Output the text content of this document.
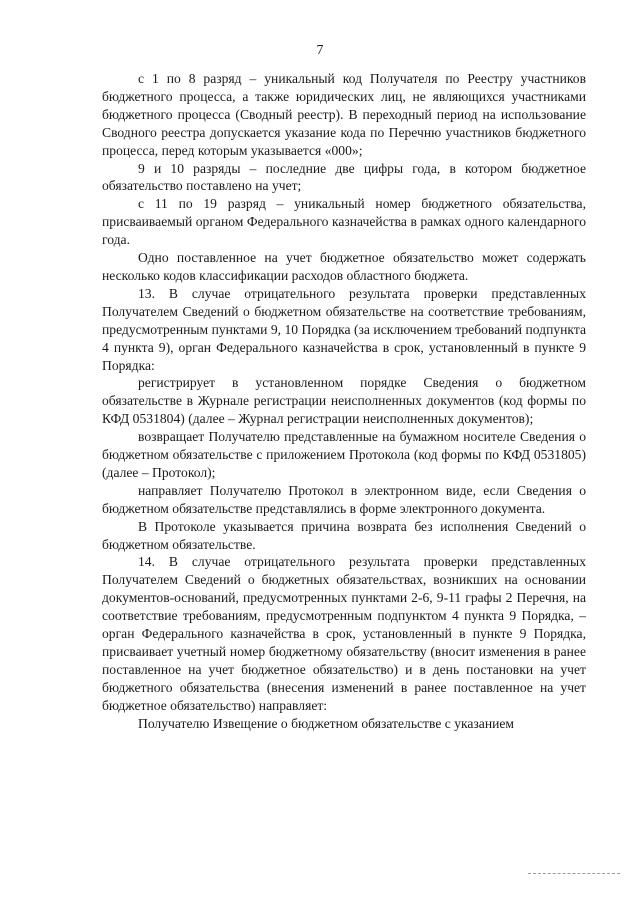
7

с 1 по 8 разряд – уникальный код Получателя по Реестру участников бюджетного процесса, а также юридических лиц, не являющихся участниками бюджетного процесса (Сводный реестр). В переходный период на использование Сводного реестра допускается указание кода по Перечню участников бюджетного процесса, перед которым указывается «000»;

9 и 10 разряды – последние две цифры года, в котором бюджетное обязательство поставлено на учет;

с 11 по 19 разряд – уникальный номер бюджетного обязательства, присваиваемый органом Федерального казначейства в рамках одного календарного года.

Одно поставленное на учет бюджетное обязательство может содержать несколько кодов классификации расходов областного бюджета.

13. В случае отрицательного результата проверки представленных Получателем Сведений о бюджетном обязательстве на соответствие требованиям, предусмотренным пунктами 9, 10 Порядка (за исключением требований подпункта 4 пункта 9), орган Федерального казначейства в срок, установленный в пункте 9 Порядка:

регистрирует в установленном порядке Сведения о бюджетном обязательстве в Журнале регистрации неисполненных документов (код формы по КФД 0531804) (далее – Журнал регистрации неисполненных документов);

возвращает Получателю представленные на бумажном носителе Сведения о бюджетном обязательстве с приложением Протокола (код формы по КФД 0531805) (далее – Протокол);

направляет Получателю Протокол в электронном виде, если Сведения о бюджетном обязательстве представлялись в форме электронного документа.

В Протоколе указывается причина возврата без исполнения Сведений о бюджетном обязательстве.

14. В случае отрицательного результата проверки представленных Получателем Сведений о бюджетных обязательствах, возникших на основании документов-оснований, предусмотренных пунктами 2-6, 9-11 графы 2 Перечня, на соответствие требованиям, предусмотренным подпунктом 4 пункта 9 Порядка, – орган Федерального казначейства в срок, установленный в пункте 9 Порядка, присваивает учетный номер бюджетному обязательству (вносит изменения в ранее поставленное на учет бюджетное обязательство) и в день постановки на учет бюджетного обязательства (внесения изменений в ранее поставленное на учет бюджетное обязательство) направляет:

Получателю Извещение о бюджетном обязательстве с указанием
